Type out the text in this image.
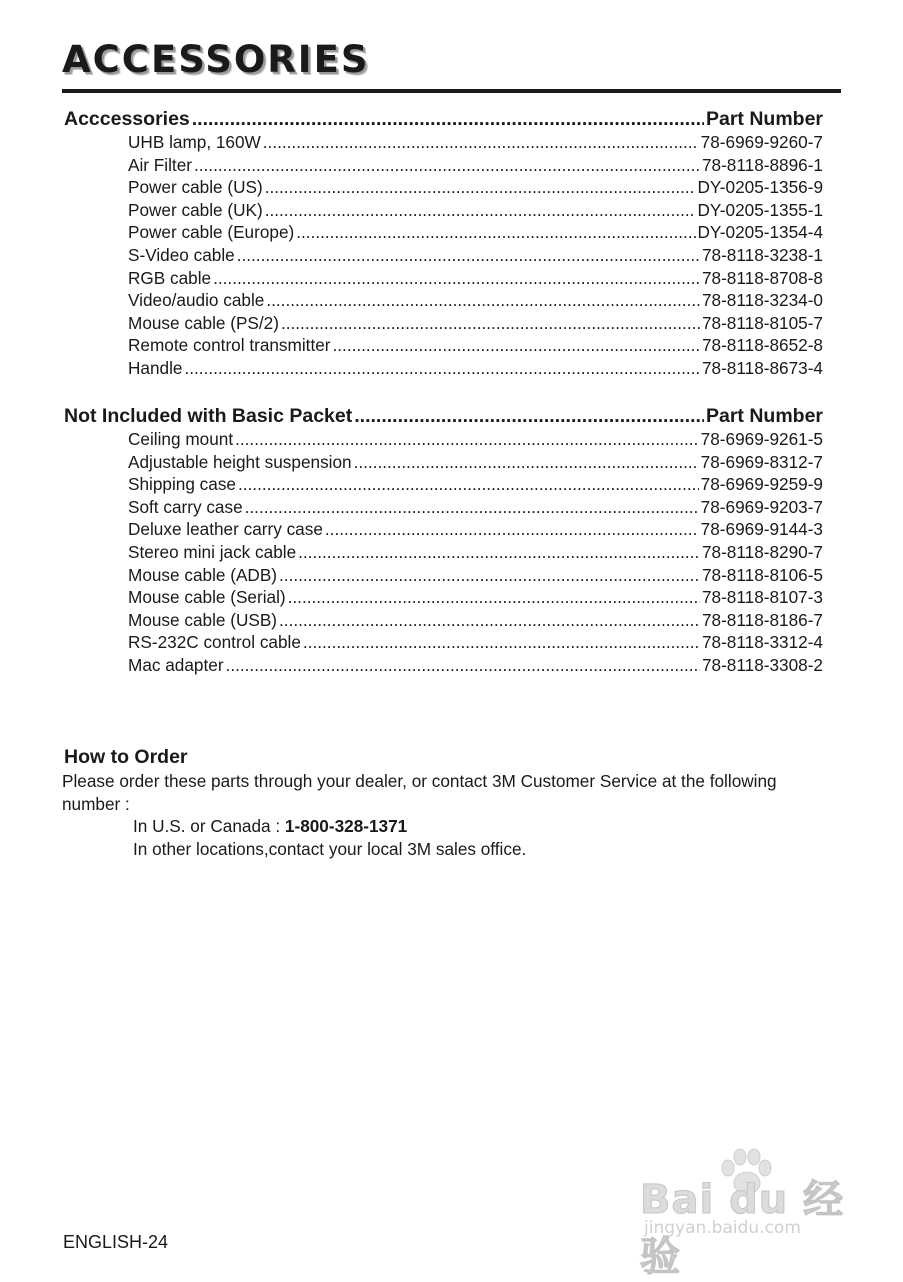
ACCESSORIES
Acccessories .....	Part Number
UHB lamp, 160W .....	78-6969-9260-7
Air Filter .....	78-8118-8896-1
Power cable (US) .....	DY-0205-1356-9
Power cable (UK) .....	DY-0205-1355-1
Power cable (Europe) .....	DY-0205-1354-4
S-Video cable .....	78-8118-3238-1
RGB cable .....	78-8118-8708-8
Video/audio cable .....	78-8118-3234-0
Mouse cable (PS/2) .....	78-8118-8105-7
Remote control transmitter .....	78-8118-8652-8
Handle .....	78-8118-8673-4
Not Included with Basic Packet .....	Part Number
Ceiling mount .....	78-6969-9261-5
Adjustable height suspension .....	78-6969-8312-7
Shipping case .....	78-6969-9259-9
Soft carry case .....	78-6969-9203-7
Deluxe leather carry case .....	78-6969-9144-3
Stereo mini jack cable .....	78-8118-8290-7
Mouse cable (ADB) .....	78-8118-8106-5
Mouse cable (Serial) .....	78-8118-8107-3
Mouse cable (USB) .....	78-8118-8186-7
RS-232C control cable .....	78-8118-3312-4
Mac adapter .....	78-8118-3308-2
How to Order
Please order these parts through your dealer, or contact 3M Customer Service at the following number :
In U.S. or Canada : 1-800-328-1371
In other locations,contact your local 3M sales office.
ENGLISH-24
Bai du 经验
jingyan.baidu.com
